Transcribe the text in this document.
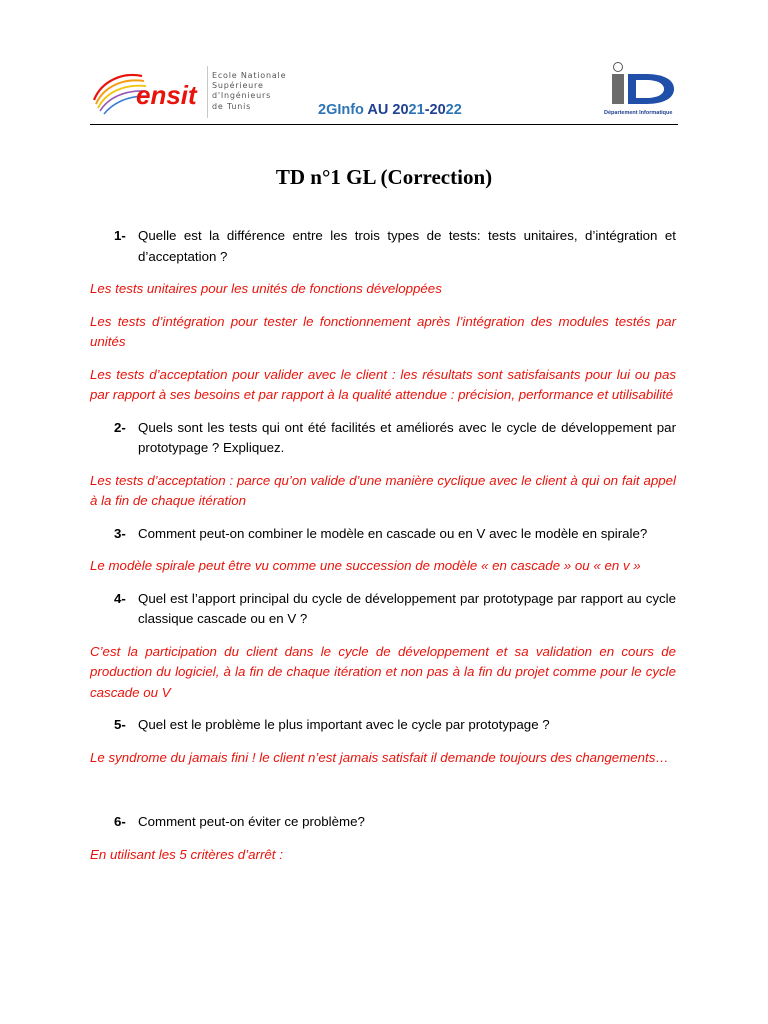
ensit
Ecole Nationale
Supérieure
d'Ingénieurs
de Tunis	2GInfo AU 2021-2022	Département Informatique
TD n°1 GL (Correction)

1- Quelle est la différence entre les trois types de tests: tests unitaires, d’intégration et d’acceptation ?

Les tests unitaires pour les unités de fonctions développées

Les tests d’intégration pour tester le fonctionnement après l’intégration des modules testés par unités

Les tests d’acceptation pour valider avec le client : les résultats sont satisfaisants pour lui ou pas par rapport à ses besoins et par rapport à la qualité attendue : précision, performance et utilisabilité

2- Quels sont les tests qui ont été facilités et améliorés avec le cycle de développement par prototypage ? Expliquez.

Les tests d’acceptation : parce qu’on valide d’une manière cyclique avec le client à qui on fait appel à la fin de chaque itération

3- Comment peut-on combiner le modèle en cascade ou en V avec le modèle en spirale?

Le modèle spirale peut être vu comme une succession de modèle « en cascade » ou « en v »

4- Quel est l’apport principal du cycle de développement par prototypage par rapport au cycle classique cascade ou en V ?

C’est la participation du client dans le cycle de développement et sa validation en cours de production du logiciel, à la fin de chaque itération et non pas à la fin du projet comme pour le cycle cascade ou V

5- Quel est le problème le plus important avec le cycle par prototypage ?

Le syndrome du jamais fini ! le client n’est jamais satisfait il demande toujours des changements…

6- Comment peut-on éviter ce problème?

En utilisant les 5 critères d’arrêt :
